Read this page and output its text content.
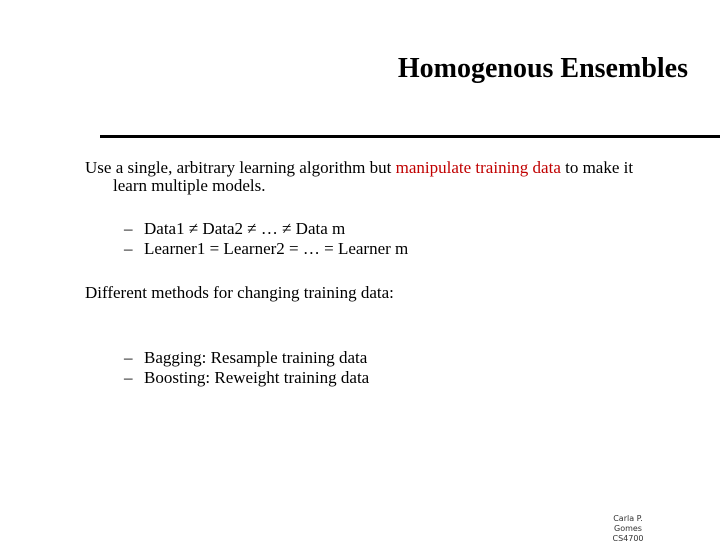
Homogenous Ensembles
Use a single, arbitrary learning algorithm but manipulate training data to make it
learn multiple models.
– Data1 ≠ Data2 ≠ … ≠ Data m
– Learner1 = Learner2 = … = Learner m
Different methods for changing training data:
– Bagging: Resample training data
– Boosting: Reweight training data
Carla P. Gomes
CS4700
